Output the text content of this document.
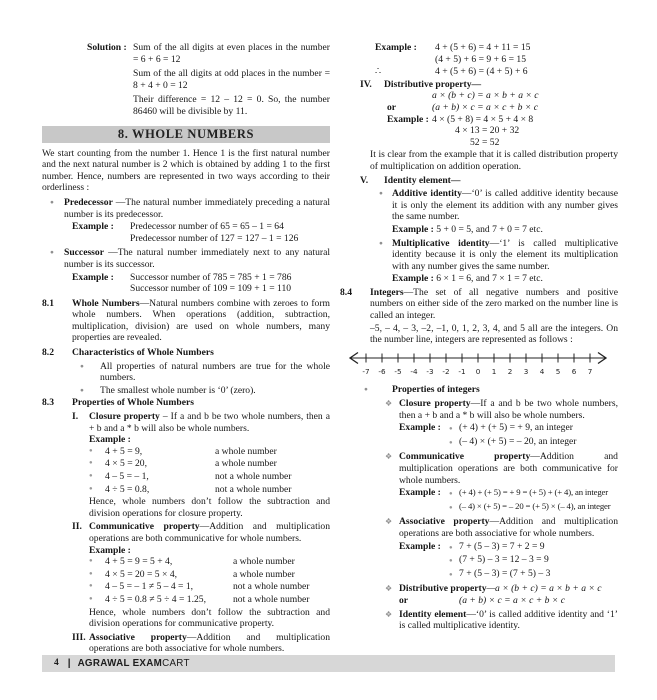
Solution : Sum of the all digits at even places in the number = 6 + 6 = 12

Sum of the all digits at odd places in the number = 8 + 4 + 0 = 12

Their difference = 12 – 12 = 0. So, the number 86460 will be divisible by 11.

8. WHOLE NUMBERS

We start counting from the number 1. Hence 1 is the first natural number and the next natural number is 2 which is obtained by adding 1 to the first number. Hence, numbers are represented in two ways according to their orderliness :

●	Predecessor —The natural number immediately preceding a natural number is its predecessor.
Example :	Predecessor number of 65 = 65 – 1 = 64
Predecessor number of 127 = 127 – 1 = 126
●	Successor —The natural number immediately next to any natural number is its successor.
Example :	Successor number of 785 = 785 + 1 = 786
Successor number of 109 = 109 + 1 = 110
8.1	Whole Numbers—Natural numbers combine with zeroes to form whole numbers. When operations (addition, subtraction, multiplication, division) are used on whole numbers, many properties are revealed.
8.2	Characteristics of Whole Numbers
●	All properties of natural numbers are true for the whole numbers.
●	The smallest whole number is ‘0’ (zero).
8.3	Properties of Whole Numbers
I.	Closure property – If a and b be two whole numbers, then a + b and a * b will also be whole numbers.
Example :
●	4 + 5 = 9,	a whole number
●	4 × 5 = 20,	a whole number
●	4 – 5 = – 1,	not a whole number
●	4 ÷ 5 = 0.8,	not a whole number
Hence, whole numbers don’t follow the subtraction and division operations for closure property.
II. Communicative property—Addition and multiplication operations are both communicative for whole numbers.
Example :
●	4 + 5 = 9 = 5 + 4,	a whole number
●	4 × 5 = 20 = 5 × 4,	a whole number
●	4 – 5 = – 1 ≠ 5 – 4 = 1,	not a whole number
●	4 ÷ 5 = 0.8 ≠ 5 ÷ 4 = 1.25,	not a whole number
Hence, whole numbers don’t follow the subtraction and division operations for communicative property.
III. Associative property—Addition and multiplication operations are both associative for whole numbers.
Example :	4 + (5 + 6) = 4 + 11 = 15
(4 + 5) + 6 = 9 + 6 = 15
∴	4 + (5 + 6) = (4 + 5) + 6
IV.	Distributive property—
a × (b + c) = a × b + a × c
or	(a + b) × c = a × c + b × c
Example : 4 × (5 + 8) = 4 × 5 + 4 × 8
4 × 13 = 20 + 32
52 = 52
It is clear from the example that it is called distribution property of multiplication on addition operation.
V.	Identity element—
● Additive identity—‘0’ is called additive identity because it is only the element its addition with any number gives the same number.
Example : 5 + 0 = 5, and 7 + 0 = 7 etc.
● Multiplicative identity—‘1’ is called multiplicative identity because it is only the element its multiplication with any number gives the same number.
Example : 6 × 1 = 6, and 7 × 1 = 7 etc.
8.4	Integers—The set of all negative numbers and positive numbers on either side of the zero marked on the number line is called an integer.
–5, – 4, – 3, –2, –1, 0, 1, 2, 3, 4, and 5 all are the integers. On the number line, integers are represented as follows :
-7 -6 -5 -4 -3 -2 -1 0 1 2 3 4 5 6 7
●	Properties of integers
❖ Closure property—If a and b be two whole numbers, then a + b and a * b will also be whole numbers.
Example :	● (+ 4) + (+ 5) = + 9, an integer
● (– 4) × (+ 5) = – 20, an integer
❖ Communicative property—Addition and multiplication operations are both communicative for whole numbers.
Example :	● (+ 4) + (+ 5) = + 9 = (+ 5) + (+ 4), an integer
● (– 4) × (+ 5) = – 20 = (+ 5) × (– 4), an integer
❖ Associative property—Addition and multiplication operations are both associative for whole numbers.
Example :	● 7 + (5 – 3) = 7 + 2 = 9
● (7 + 5) – 3 = 12 – 3 = 9
● 7 + (5 – 3) = (7 + 5) – 3
❖ Distributive property—a × (b + c) = a × b + a × c
or	(a + b) × c = a × c + b × c
❖ Identity element—‘0’ is called additive identity and ‘1’ is called multiplicative identity.
4 | AGRAWAL EXAM CART
